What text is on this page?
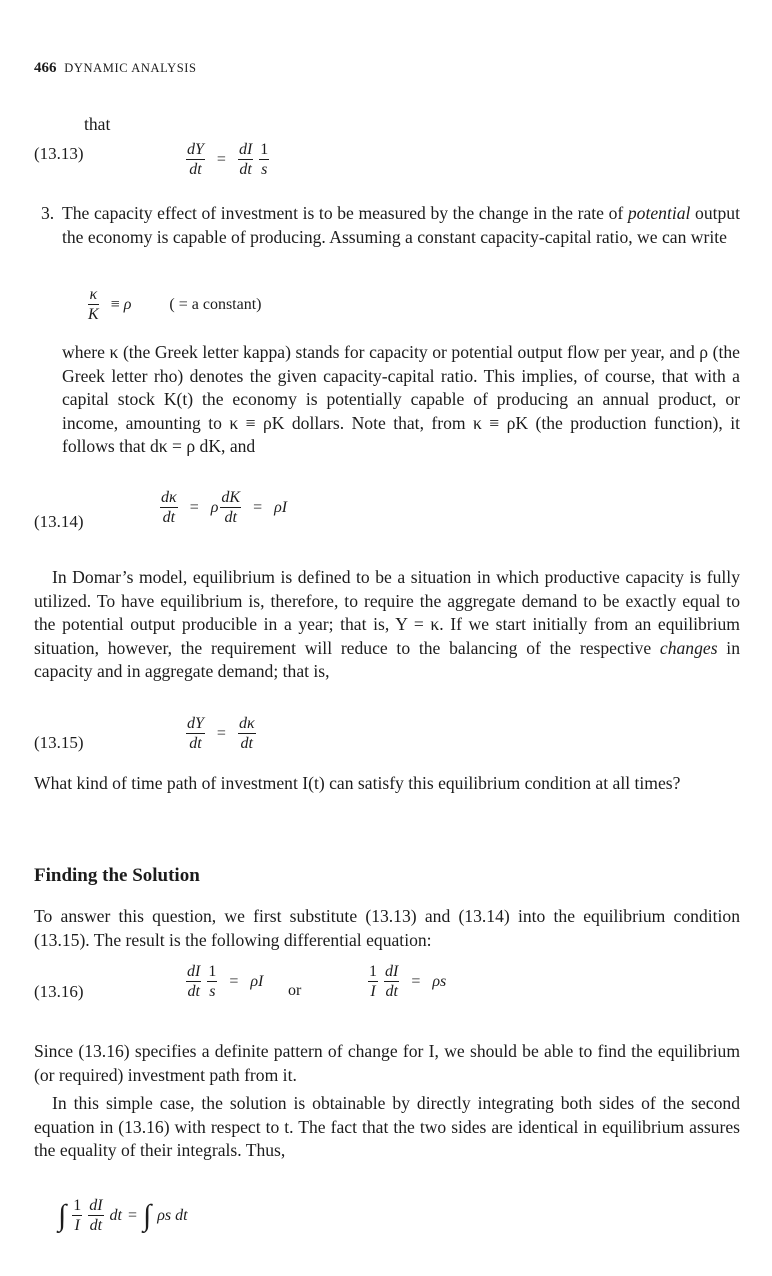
466 DYNAMIC ANALYSIS
that
(13.13)	$\frac{dY}{dt} = \frac{dI}{dt} \frac{1}{s}$
3. The capacity effect of investment is to be measured by the change in the rate of potential output the economy is capable of producing. Assuming a constant capacity-capital ratio, we can write

$\frac{\kappa}{K} \equiv \rho$ ( = a constant)

where κ (the Greek letter kappa) stands for capacity or potential output flow per year, and ρ (the Greek letter rho) denotes the given capacity-capital ratio. This implies, of course, that with a capital stock K(t) the economy is potentially capable of producing an annual product, or income, amounting to κ ≡ ρK dollars. Note that, from κ ≡ ρK (the production function), it follows that dκ = ρ dK, and

(13.14)	$\frac{d\kappa}{dt} = \rho \frac{dK}{dt} = \rho I$

In Domar’s model, equilibrium is defined to be a situation in which productive capacity is fully utilized. To have equilibrium is, therefore, to require the aggregate demand to be exactly equal to the potential output producible in a year; that is, Y = κ. If we start initially from an equilibrium situation, however, the requirement will reduce to the balancing of the respective changes in capacity and in aggregate demand; that is,

(13.15)	$\frac{dY}{dt} = \frac{d\kappa}{dt}$

What kind of time path of investment I(t) can satisfy this equilibrium condition at all times?

Finding the Solution

To answer this question, we first substitute (13.13) and (13.14) into the equilibrium condition (13.15). The result is the following differential equation:

(13.16)	$\frac{dI}{dt} \frac{1}{s} = \rho I$
or	$\frac{1}{I} \frac{dI}{dt} = \rho s$

Since (13.16) specifies a definite pattern of change for I, we should be able to find the equilibrium (or required) investment path from it.

In this simple case, the solution is obtainable by directly integrating both sides of the second equation in (13.16) with respect to t. The fact that the two sides are identical in equilibrium assures the equality of their integrals. Thus,

∫ $\frac{1}{I} \frac{dI}{dt}$ dt = ∫ ρs dt
